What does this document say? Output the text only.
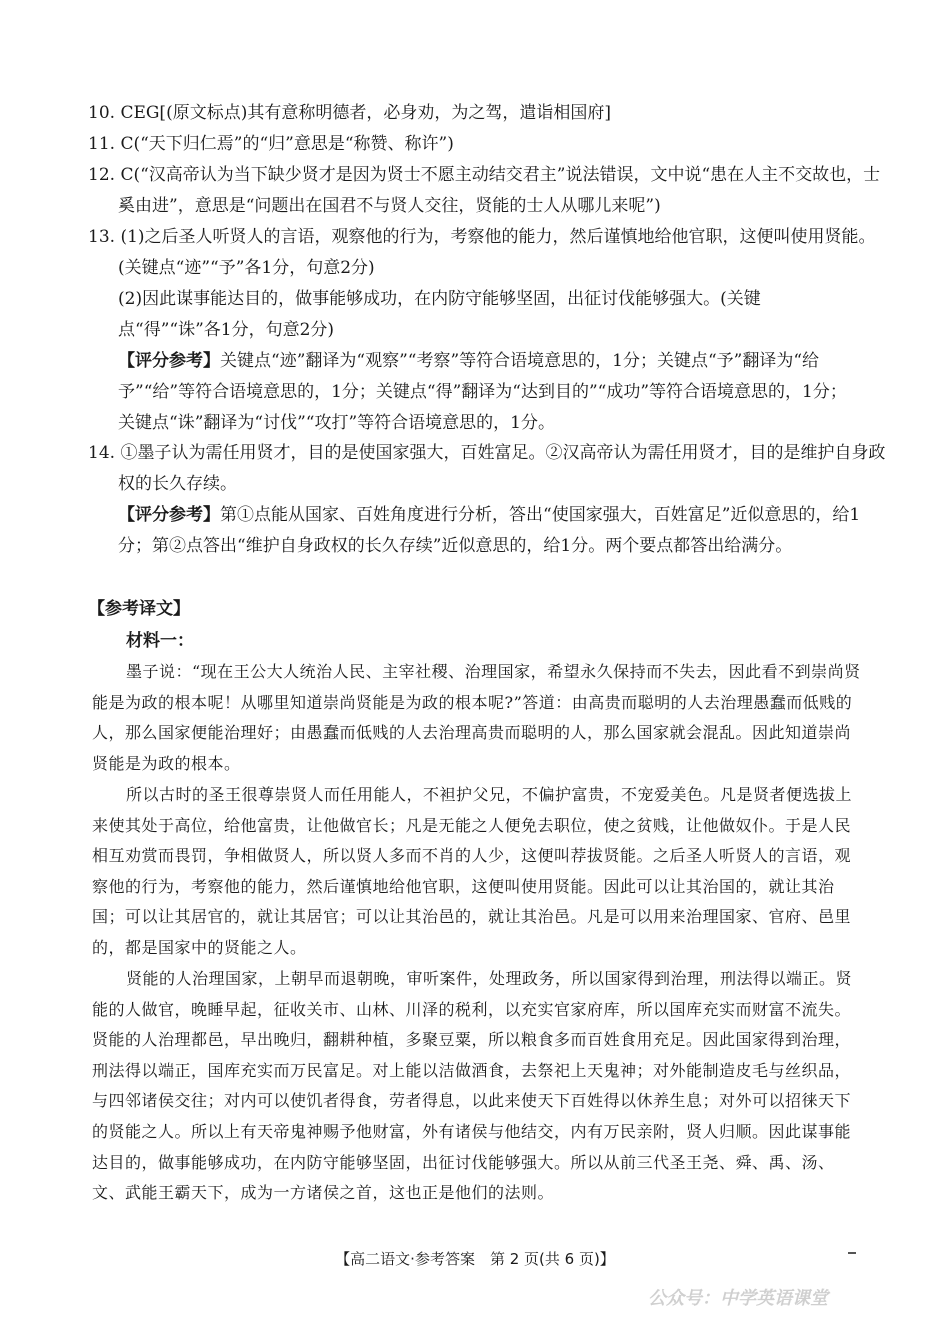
10. CEG[(原文标点)其有意称明德者，必身劝，为之驾，遣诣相国府]
11. C(“天下归仁焉”的“归”意思是“称赞、称许”)
12. C(“汉高帝认为当下缺少贤才是因为贤士不愿主动结交君主”说法错误，文中说“患在人主不交故也，士奚由进”，意思是“问题出在国君不与贤人交往，贤能的士人从哪儿来呢”)
13. (1)之后圣人听贤人的言语，观察他的行为，考察他的能力，然后谨慎地给他官职，这便叫使用贤能。(关键点“迹”“予”各1分，句意2分)
(2)因此谋事能达目的，做事能够成功，在内防守能够坚固，出征讨伐能够强大。(关键点“得”“诛”各1分，句意2分)
【评分参考】关键点“迹”翻译为“观察”“考察”等符合语境意思的，1分；关键点“予”翻译为“给予”“给”等符合语境意思的，1分；关键点“得”翻译为“达到目的”“成功”等符合语境意思的，1分；关键点“诛”翻译为“讨伐”“攻打”等符合语境意思的，1分。
14. ①墨子认为需任用贤才，目的是使国家强大，百姓富足。②汉高帝认为需任用贤才，目的是维护自身政权的长久存续。
【评分参考】第①点能从国家、百姓角度进行分析，答出“使国家强大，百姓富足”近似意思的，给1分；第②点答出“维护自身政权的长久存续”近似意思的，给1分。两个要点都答出给满分。
【参考译文】
材料一：
墨子说：“现在王公大人统治人民、主宰社稷、治理国家，希望永久保持而不失去，因此看不到崇尚贤能是为政的根本呢！从哪里知道崇尚贤能是为政的根本呢?”答道：由高贵而聪明的人去治理愚蠢而低贱的人，那么国家便能治理好；由愚蠢而低贱的人去治理高贵而聪明的人，那么国家就会混乱。因此知道崇尚贤能是为政的根本。
所以古时的圣王很尊崇贤人而任用能人，不袒护父兄，不偏护富贵，不宠爱美色。凡是贤者便选拔上来使其处于高位，给他富贵，让他做官长；凡是无能之人便免去职位，使之贫贱，让他做奴仆。于是人民相互劝赏而畏罚，争相做贤人，所以贤人多而不肖的人少，这便叫荐拔贤能。之后圣人听贤人的言语，观察他的行为，考察他的能力，然后谨慎地给他官职，这便叫使用贤能。因此可以让其治国的，就让其治国；可以让其居官的，就让其居官；可以让其治邑的，就让其治邑。凡是可以用来治理国家、官府、邑里的，都是国家中的贤能之人。
贤能的人治理国家，上朝早而退朝晚，审听案件，处理政务，所以国家得到治理，刑法得以端正。贤能的人做官，晚睡早起，征收关市、山林、川泽的税利，以充实官家府库，所以国库充实而财富不流失。贤能的人治理都邑，早出晚归，翻耕种植，多聚豆粟，所以粮食多而百姓食用充足。因此国家得到治理，刑法得以端正，国库充实而万民富足。对上能以洁做酒食，去祭祀上天鬼神；对外能制造皮毛与丝织品，与四邻诸侯交往；对内可以使饥者得食，劳者得息，以此来使天下百姓得以休养生息；对外可以招徕天下的贤能之人。所以上有天帝鬼神赐予他财富，外有诸侯与他结交，内有万民亲附，贤人归顺。因此谋事能达目的，做事能够成功，在内防守能够坚固，出征讨伐能够强大。所以从前三代圣王尧、舜、禹、汤、文、武能王霸天下，成为一方诸侯之首，这也正是他们的法则。
【高二语文·参考答案　第 2 页(共 6 页)】
公众号：中学英语课堂
